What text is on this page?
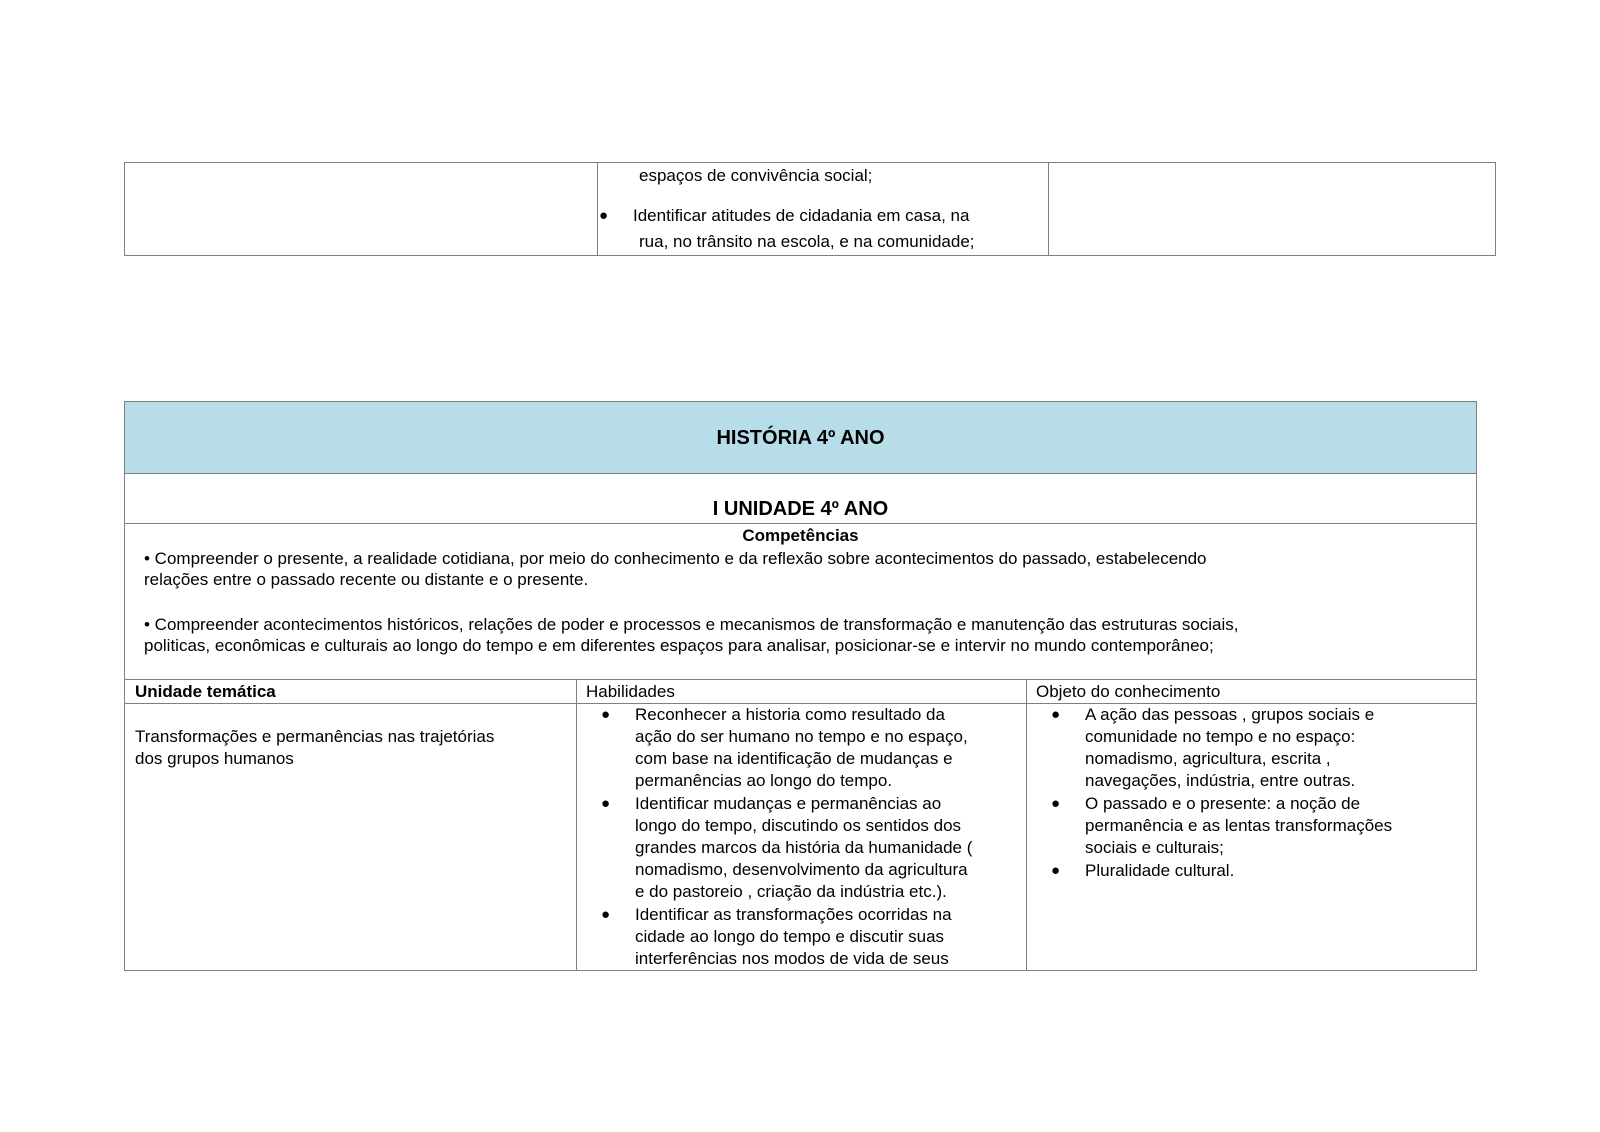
espaços de convivência social;
● Identificar atitudes de cidadania em casa, na
rua, no trânsito na escola, e na comunidade;
HISTÓRIA 4º ANO
I UNIDADE 4º ANO
Competências
• Compreender o presente, a realidade cotidiana, por meio do conhecimento e da reflexão sobre acontecimentos do passado, estabelecendo
relações entre o passado recente ou distante e o presente.
• Compreender acontecimentos históricos, relações de poder e processos e mecanismos de transformação e manutenção das estruturas sociais,
politicas, econômicas e culturais ao longo do tempo e em diferentes espaços para analisar, posicionar-se e intervir no mundo contemporâneo;
Unidade temática	Habilidades	Objeto do conhecimento
Transformações e permanências nas trajetórias
dos grupos humanos
● Reconhecer a historia como resultado da
ação do ser humano no tempo e no espaço,
com base na identificação de mudanças e
permanências ao longo do tempo.
● Identificar mudanças e permanências ao
longo do tempo, discutindo os sentidos dos
grandes marcos da história da humanidade (
nomadismo, desenvolvimento da agricultura
e do pastoreio , criação da indústria etc.).
● Identificar as transformações ocorridas na
cidade ao longo do tempo e discutir suas
interferências nos modos de vida de seus
● A ação das pessoas , grupos sociais e
comunidade no tempo e no espaço:
nomadismo, agricultura, escrita ,
navegações, indústria, entre outras.
● O passado e o presente: a noção de
permanência e as lentas transformações
sociais e culturais;
● Pluralidade cultural.
